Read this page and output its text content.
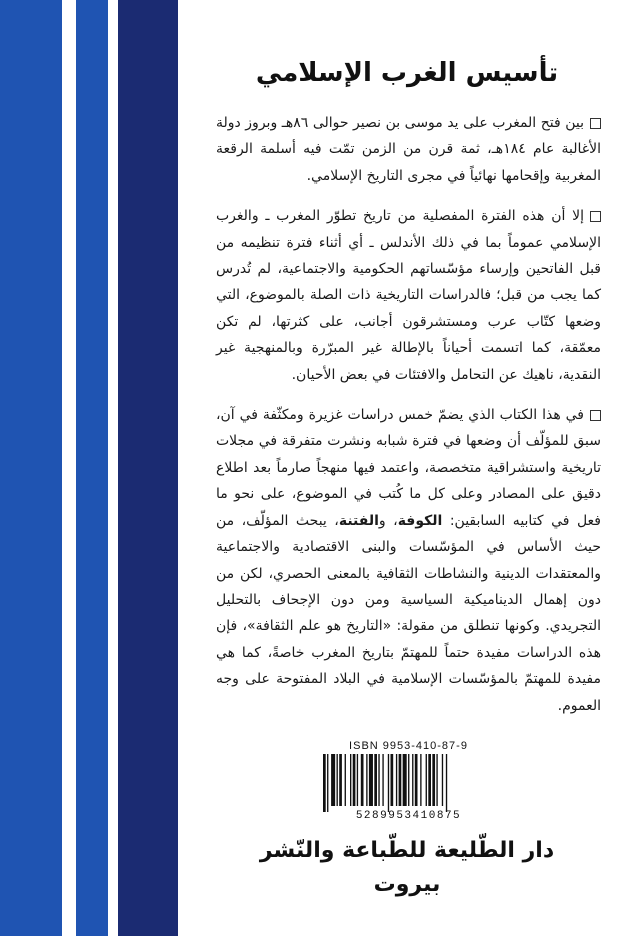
تأسيس الغرب الإسلامي

بين فتح المغرب على يد موسى بن نصير حوالى ٨٦هـ وبروز دولة الأغالبة عام ١٨٤هـ، ثمة قرن من الزمن تمّت فيه أسلمة الرقعة المغربية وإقحامها نهائياً في مجرى التاريخ الإسلامي.

إلا أن هذه الفترة المفصلية من تاريخ تطوّر المغرب ـ والغرب الإسلامي عموماً بما في ذلك الأندلس ـ أي أثناء فترة تنظيمه من قبل الفاتحين وإرساء مؤسّساتهم الحكومية والاجتماعية، لم تُدرس كما يجب من قبل؛ فالدراسات التاريخية ذات الصلة بالموضوع، التي وضعها كتّاب عرب ومستشرقون أجانب، على كثرتها، لم تكن معمّقة، كما اتسمت أحياناً بالإطالة غير المبرّرة وبالمنهجية غير النقدية، ناهيك عن التحامل والافتئات في بعض الأحيان.

في هذا الكتاب الذي يضمّ خمس دراسات غزيرة ومكثّفة في آن، سبق للمؤلّف أن وضعها في فترة شبابه ونشرت متفرقة في مجلات تاريخية واستشراقية متخصصة، واعتمد فيها منهجاً صارماً بعد اطلاع دقيق على المصادر وعلى كل ما كُتب في الموضوع، على نحو ما فعل في كتابيه السابقين: الكوفة، والفتنة، يبحث المؤلّف، من حيث الأساس في المؤسّسات والبنى الاقتصادية والاجتماعية والمعتقدات الدينية والنشاطات الثقافية بالمعنى الحصري، لكن من دون إهمال الديناميكية السياسية ومن دون الإجحاف بالتحليل التجريدي. وكونها تنطلق من مقولة: «التاريخ هو علم الثقافة»، فإن هذه الدراسات مفيدة حتماً للمهتمّ بتاريخ المغرب خاصةً، كما هي مفيدة للمهتمّ بالمؤسّسات الإسلامية في البلاد المفتوحة على وجه العموم.

ISBN 9953-410-87-9
5289953410875
دار الطّليعة للطّباعة والنّشر
بيروت
